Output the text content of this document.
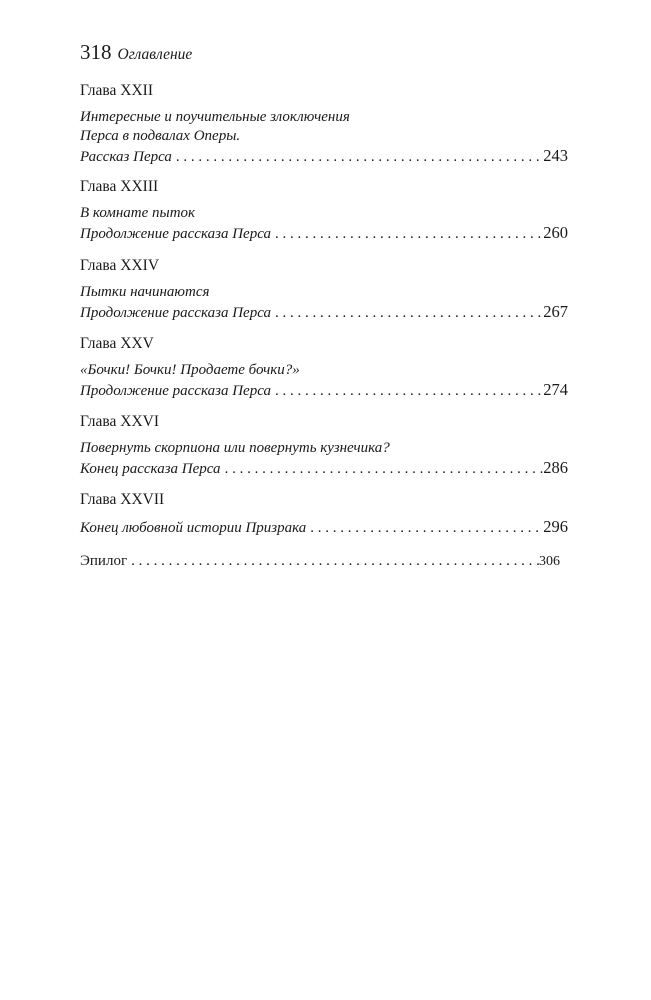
318 Оглавление

Глава XXII

Интересные и поучительные злоключения

Перса в подвалах Оперы.

Рассказ Перса . . .	243

Глава XXIII

В комнате пыток

Продолжение рассказа Перса . . .	260

Глава XXIV

Пытки начинаются

Продолжение рассказа Перса . . .	267

Глава XXV

«Бочки! Бочки! Продаете бочки?»

Продолжение рассказа Перса . . .	274

Глава XXVI

Повернуть скорпиона или повернуть кузнечика?

Конец рассказа Перса . . .	286

Глава XXVII

Конец любовной истории Призрака . . .	296
Эпилог . . .	306
